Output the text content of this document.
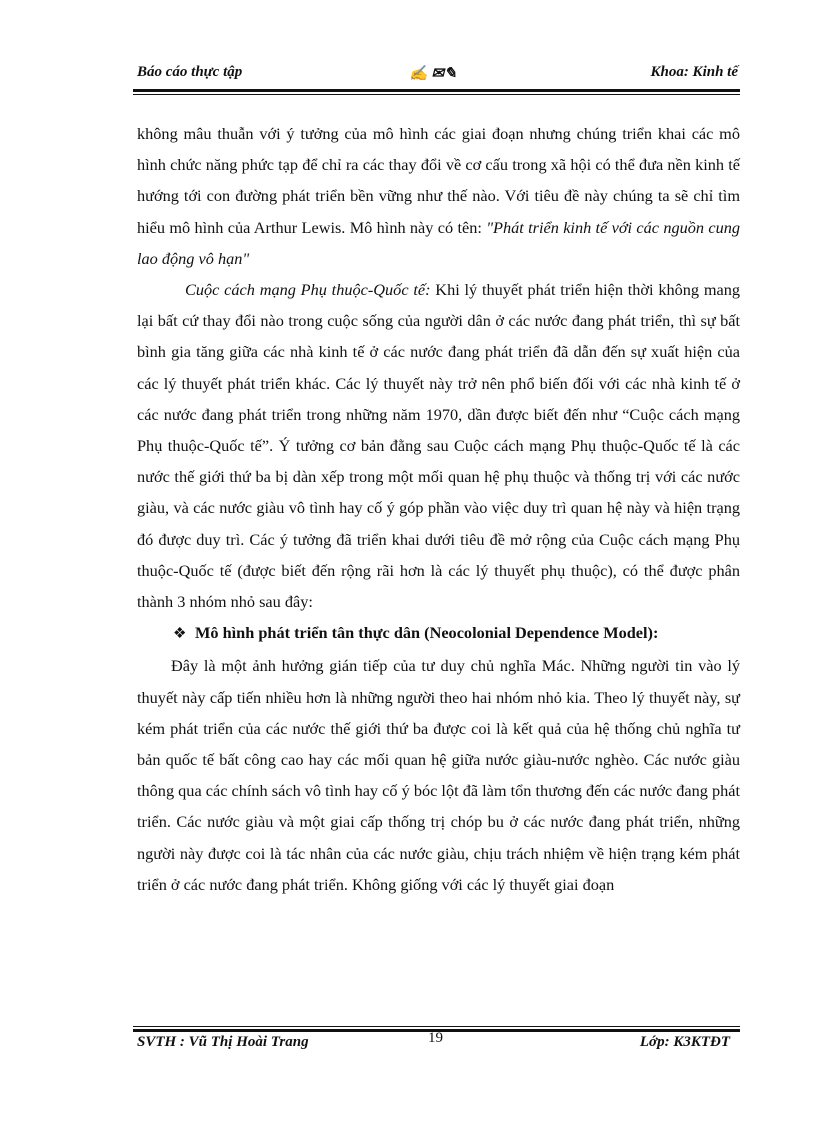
Báo cáo thực tập	✍ ✉✎	Khoa: Kinh tế

không mâu thuẫn với ý tưởng của mô hình các giai đoạn nhưng chúng triển khai các mô hình chức năng phức tạp để chỉ ra các thay đổi về cơ cấu trong xã hội có thể đưa nền kinh tế hướng tới con đường phát triển bền vững như thế nào. Với tiêu đề này chúng ta sẽ chỉ tìm hiểu mô hình của Arthur Lewis. Mô hình này có tên: "Phát triển kinh tế với các nguồn cung lao động vô hạn"

Cuộc cách mạng Phụ thuộc-Quốc tế: Khi lý thuyết phát triển hiện thời không mang lại bất cứ thay đổi nào trong cuộc sống của người dân ở các nước đang phát triển, thì sự bất bình gia tăng giữa các nhà kinh tế ở các nước đang phát triển đã dẫn đến sự xuất hiện của các lý thuyết phát triển khác. Các lý thuyết này trở nên phổ biến đối với các nhà kinh tế ở các nước đang phát triển trong những năm 1970, dần được biết đến như “Cuộc cách mạng Phụ thuộc-Quốc tế”. Ý tưởng cơ bản đằng sau Cuộc cách mạng Phụ thuộc-Quốc tế là các nước thế giới thứ ba bị dàn xếp trong một mối quan hệ phụ thuộc và thống trị với các nước giàu, và các nước giàu vô tình hay cố ý góp phần vào việc duy trì quan hệ này và hiện trạng đó được duy trì. Các ý tưởng đã triển khai dưới tiêu đề mở rộng của Cuộc cách mạng Phụ thuộc-Quốc tế (được biết đến rộng rãi hơn là các lý thuyết phụ thuộc), có thể được phân thành 3 nhóm nhỏ sau đây:

❖ Mô hình phát triển tân thực dân (Neocolonial Dependence Model):

Đây là một ảnh hưởng gián tiếp của tư duy chủ nghĩa Mác. Những người tin vào lý thuyết này cấp tiến nhiều hơn là những người theo hai nhóm nhỏ kia. Theo lý thuyết này, sự kém phát triển của các nước thế giới thứ ba được coi là kết quả của hệ thống chủ nghĩa tư bản quốc tế bất công cao hay các mối quan hệ giữa nước giàu-nước nghèo. Các nước giàu thông qua các chính sách vô tình hay cố ý bóc lột đã làm tổn thương đến các nước đang phát triển. Các nước giàu và một giai cấp thống trị chóp bu ở các nước đang phát triển, những người này được coi là tác nhân của các nước giàu, chịu trách nhiệm về hiện trạng kém phát triển ở các nước đang phát triển. Không giống với các lý thuyết giai đoạn

SVTH : Vũ Thị Hoài Trang	19	Lớp: K3KTĐT
